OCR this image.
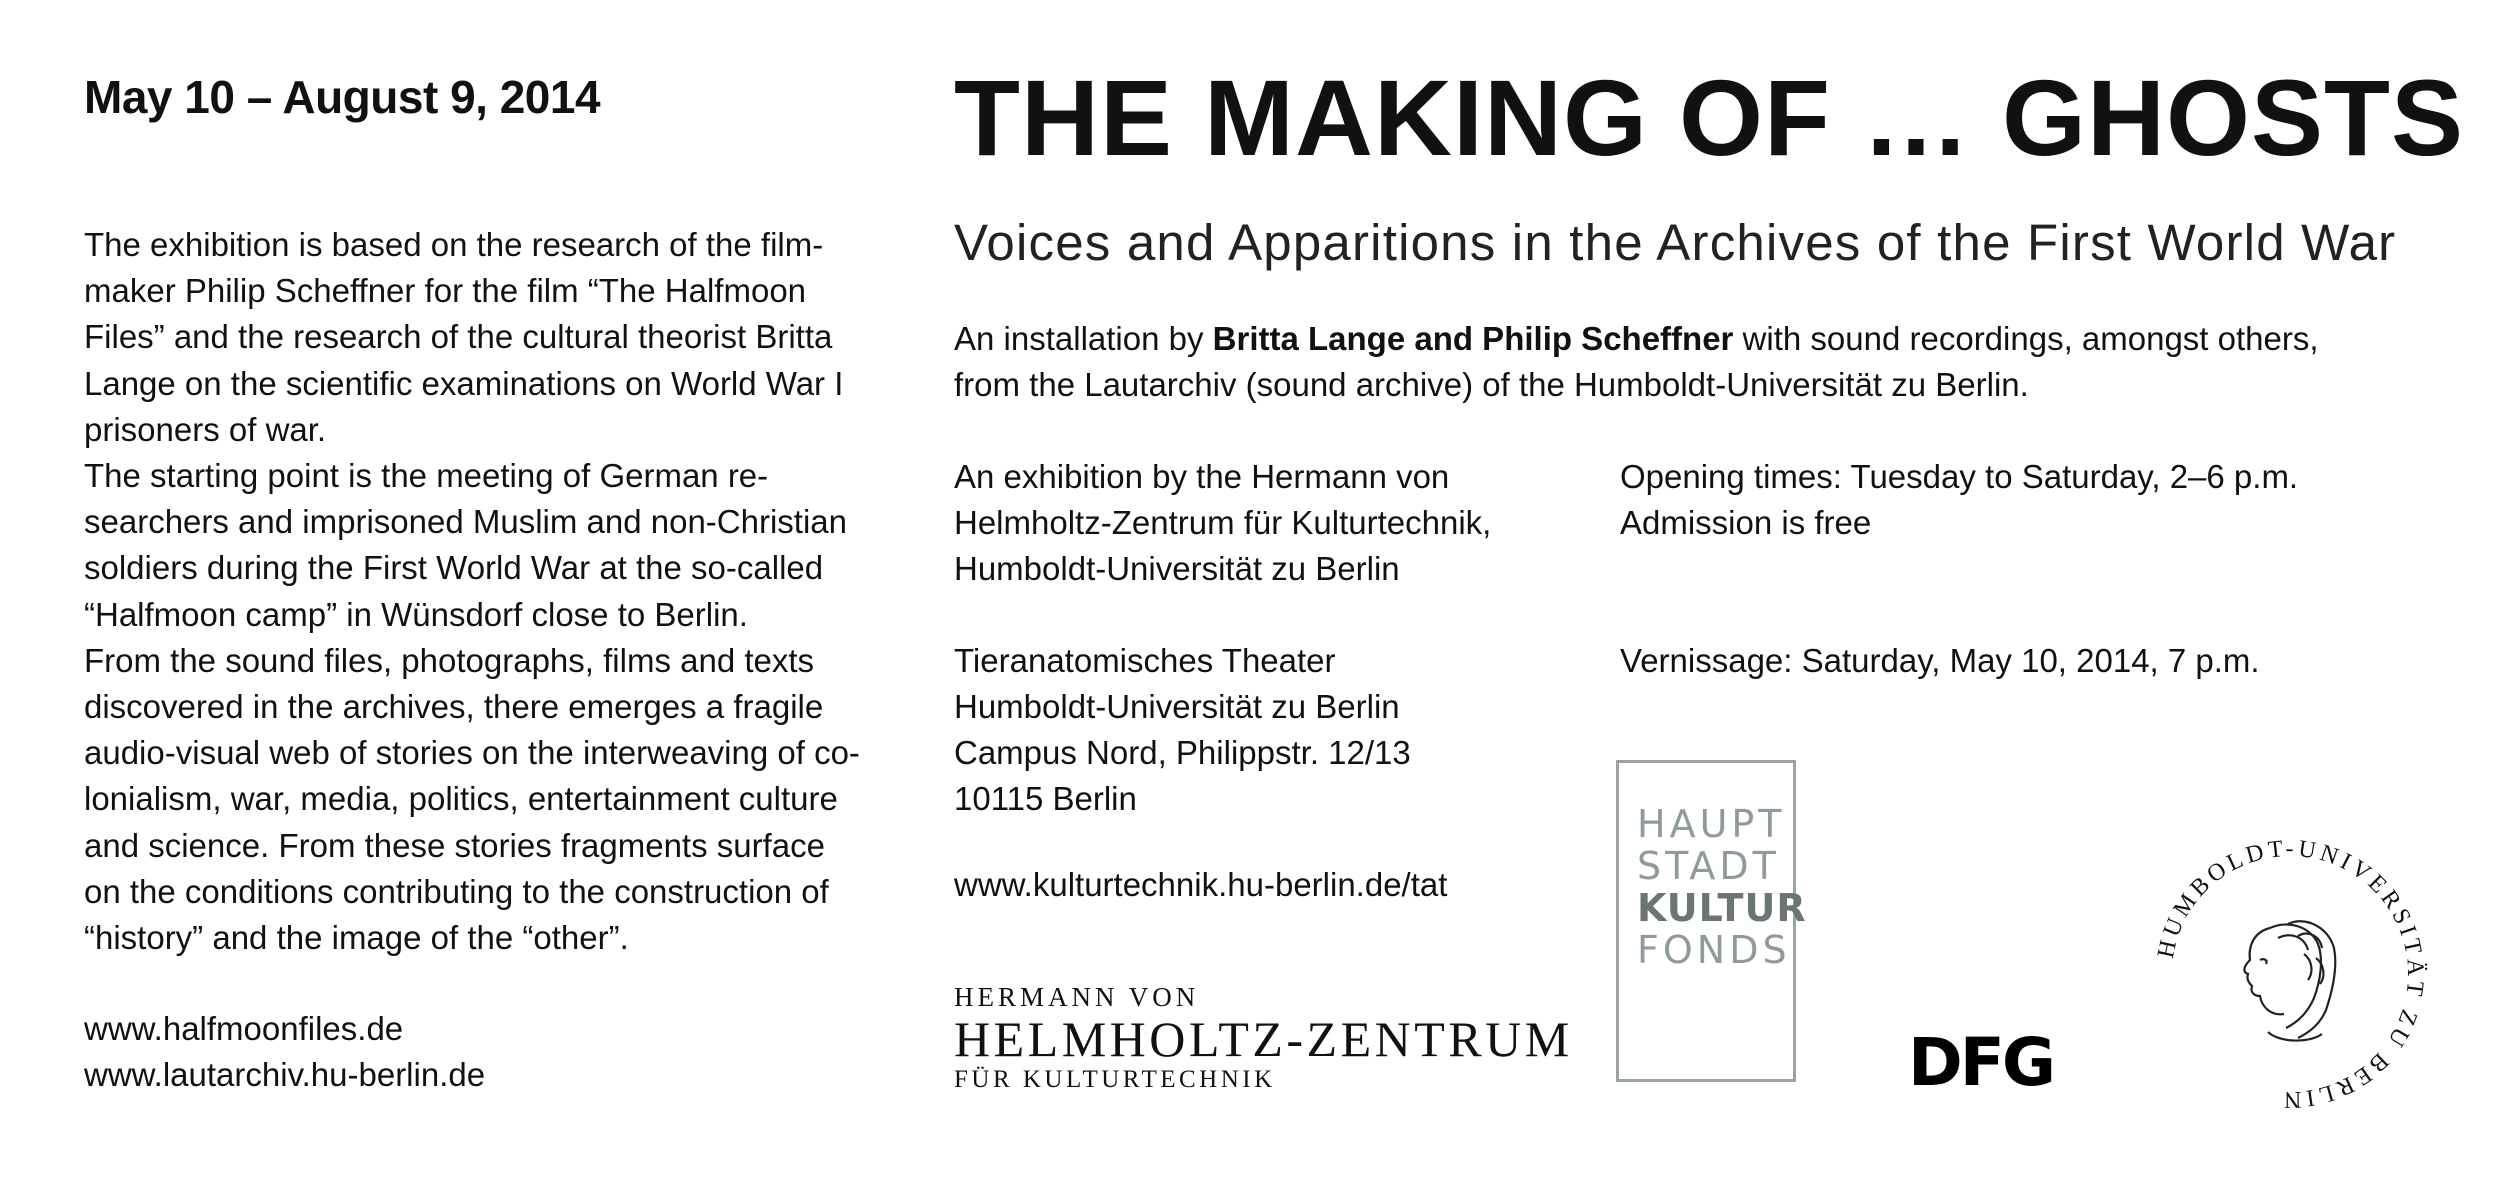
May 10 – August 9, 2014	THE MAKING OF … GHOSTS
Voices and Apparitions in the Archives of the First World War

The exhibition is based on the research of the film-

maker Philip Scheffner for the film “The Halfmoon

Files” and the research of the cultural theorist Britta

Lange on the scientific examinations on World War I

prisoners of war.

The starting point is the meeting of German re-

searchers and imprisoned Muslim and non-Christian

soldiers during the First World War at the so-called

“Halfmoon camp” in Wünsdorf close to Berlin.

From the sound files, photographs, films and texts

discovered in the archives, there emerges a fragile

audio-visual web of stories on the interweaving of co-

lonialism, war, media, politics, entertainment culture

and science. From these stories fragments surface

on the conditions contributing to the construction of

“history” and the image of the “other”.

www.halfmoonfiles.de
www.lautarchiv.hu-berlin.de
An installation by Britta Lange and Philip Scheffner with sound recordings, amongst others,
from the Lautarchiv (sound archive) of the Humboldt-Universität zu Berlin.
An exhibition by the Hermann von
Helmholtz-Zentrum für Kulturtechnik,
Humboldt-Universität zu Berlin
Tieranatomisches Theater
Humboldt-Universität zu Berlin
Campus Nord, Philippstr. 12/13
10115 Berlin
www.kulturtechnik.hu-berlin.de/tat
Opening times: Tuesday to Saturday, 2–6 p.m.
Admission is free
Vernissage: Saturday, May 10, 2014, 7 p.m.
HERMANN VON
HELMHOLTZ-ZENTRUM
FÜR KULTURTECHNIK
HAUPT
STADT
KULTUR
FONDS
DFG
HUMBOLDT-UNIVERSITÄT ZU BERLIN
